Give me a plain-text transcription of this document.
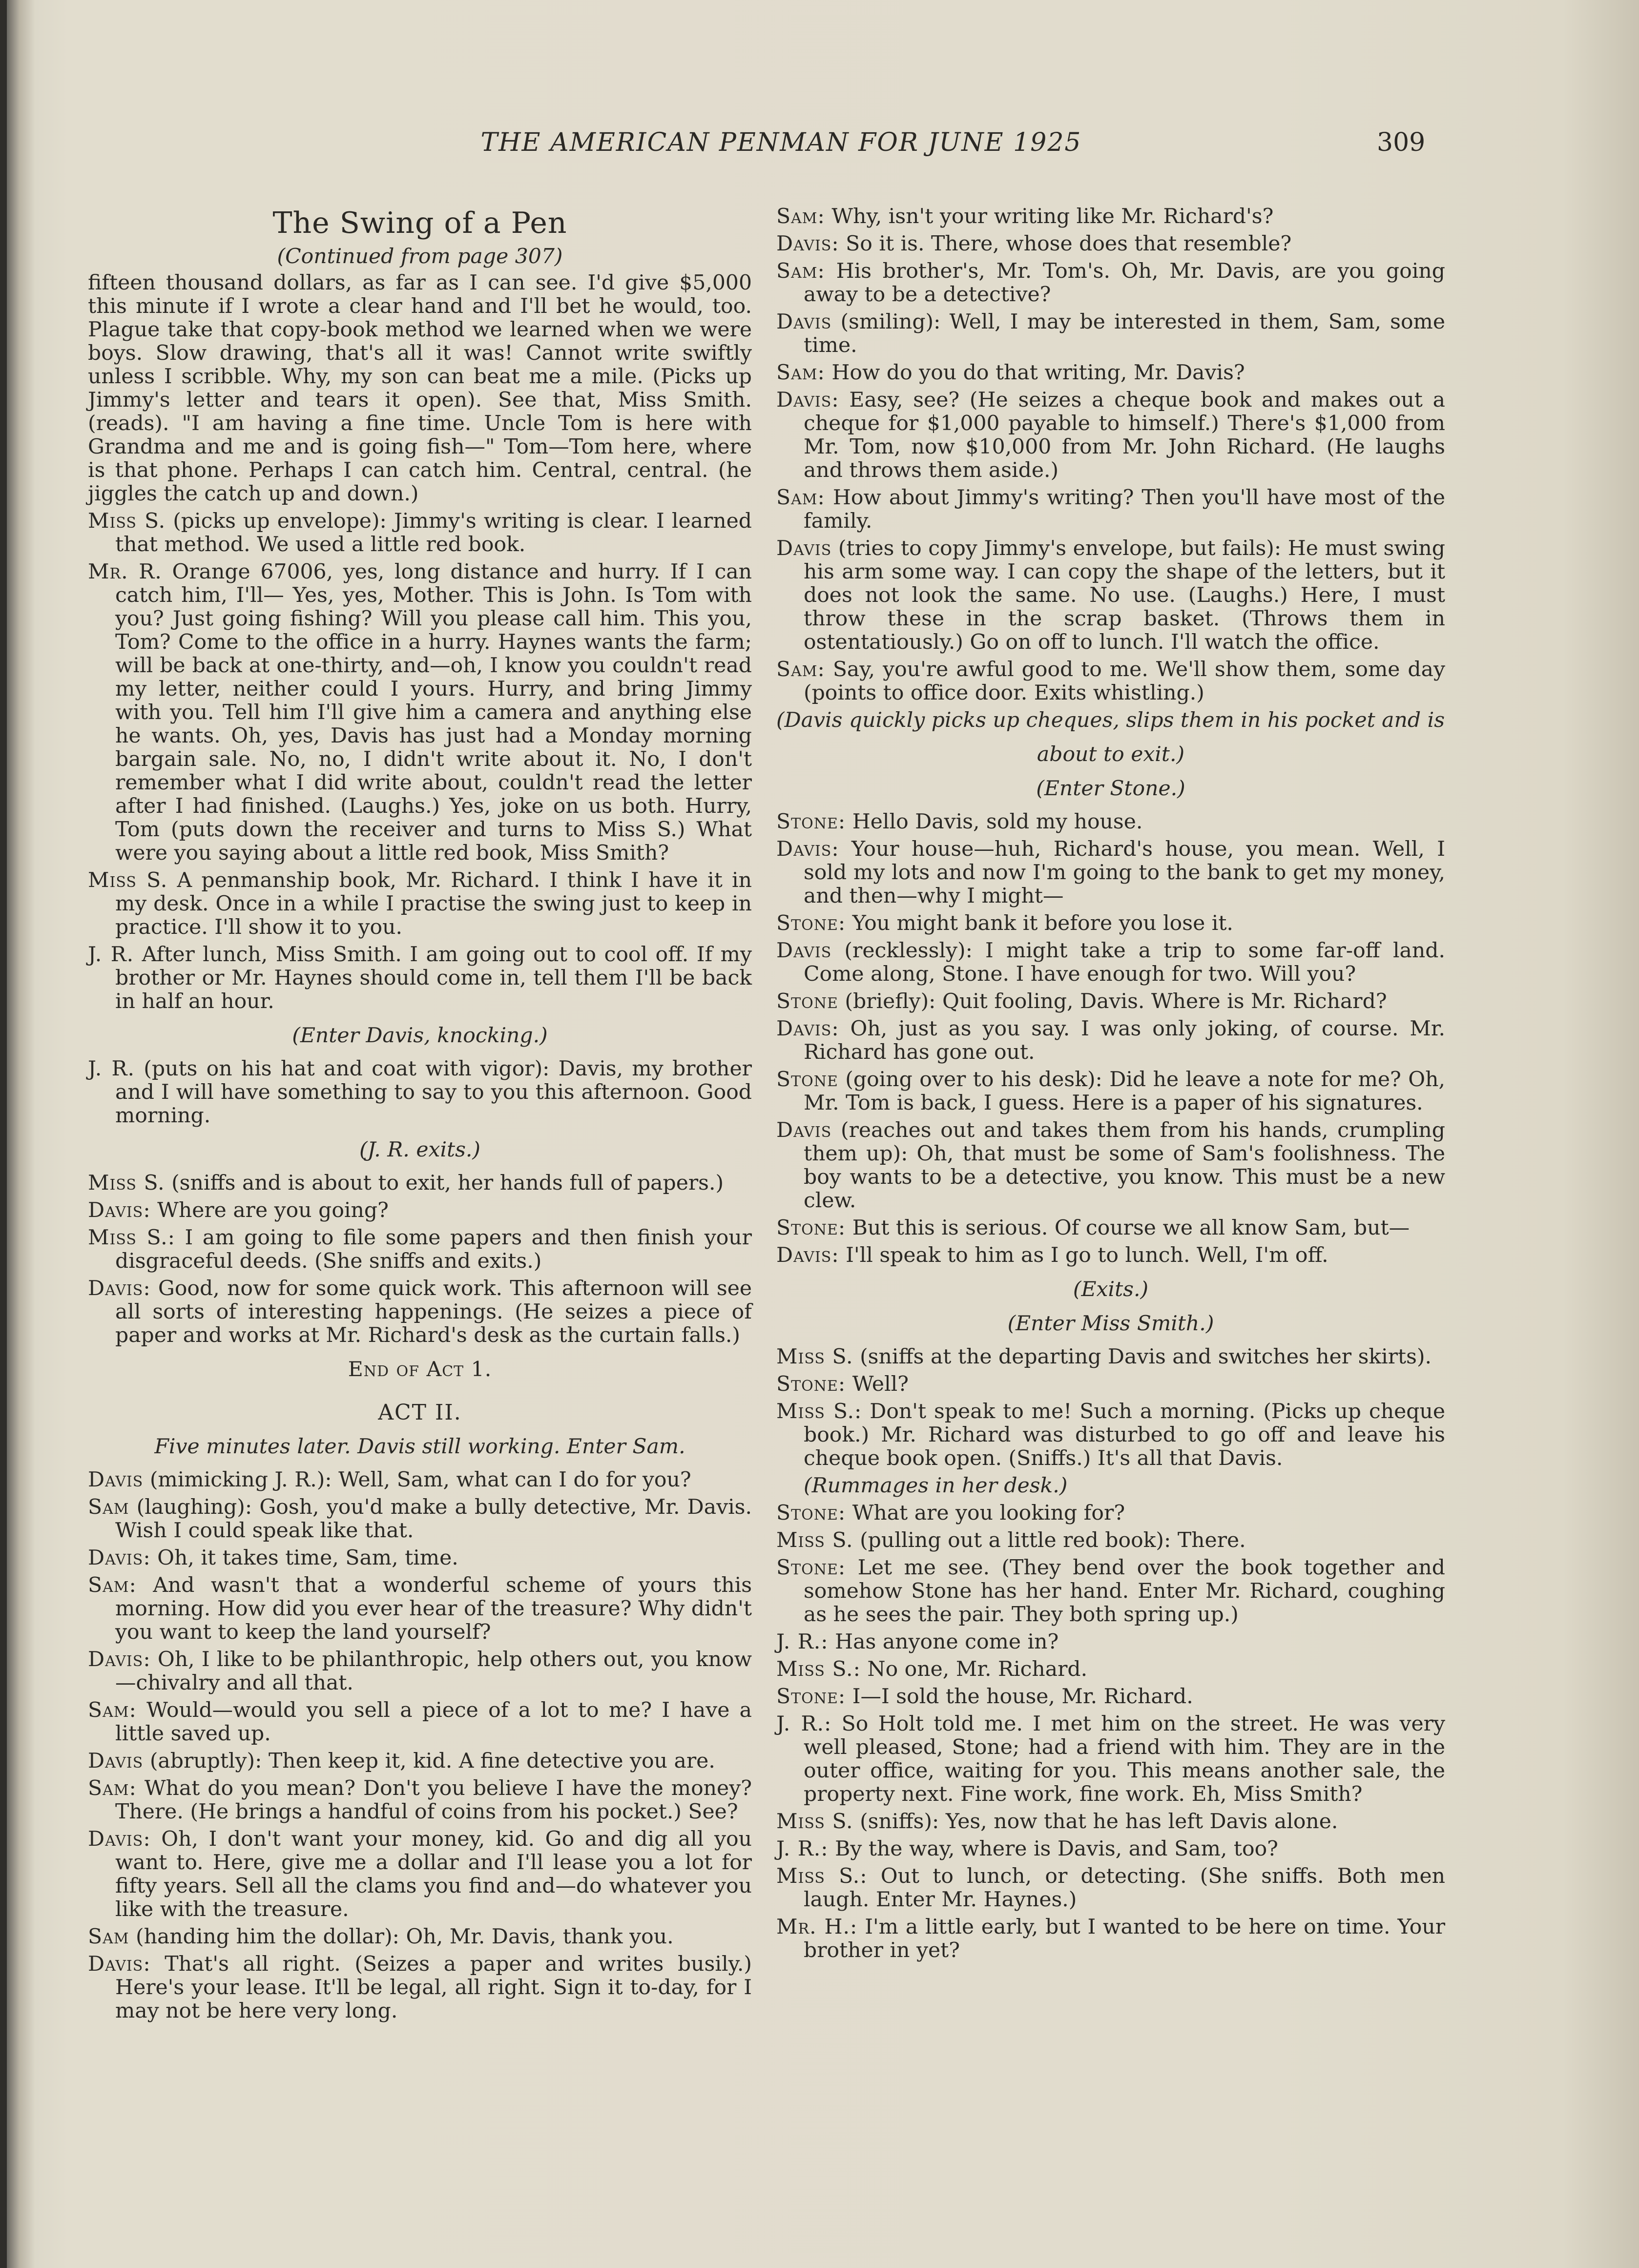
THE AMERICAN PENMAN FOR JUNE 1925	309
The Swing of a Pen
(Continued from page 307)
fifteen thousand dollars, as far as I can see. I'd give $5,000 this minute if I wrote a clear hand and I'll bet he would, too. Plague take that copy-book method we learned when we were boys. Slow drawing, that's all it was! Cannot write swiftly unless I scribble. Why, my son can beat me a mile. (Picks up Jimmy's letter and tears it open). See that, Miss Smith. (reads). "I am having a fine time. Uncle Tom is here with Grandma and me and is going fish—" Tom—Tom here, where is that phone. Perhaps I can catch him. Central, central. (he jiggles the catch up and down.)
Miss S. (picks up envelope): Jimmy's writing is clear. I learned that method. We used a little red book.
Mr. R. Orange 67006, yes, long distance and hurry. If I can catch him, I'll— Yes, yes, Mother. This is John. Is Tom with you? Just going fishing? Will you please call him. This you, Tom? Come to the office in a hurry. Haynes wants the farm; will be back at one-thirty, and—oh, I know you couldn't read my letter, neither could I yours. Hurry, and bring Jimmy with you. Tell him I'll give him a camera and anything else he wants. Oh, yes, Davis has just had a Monday morning bargain sale. No, no, I didn't write about it. No, I don't remember what I did write about, couldn't read the letter after I had finished. (Laughs.) Yes, joke on us both. Hurry, Tom (puts down the receiver and turns to Miss S.) What were you saying about a little red book, Miss Smith?
Miss S. A penmanship book, Mr. Richard. I think I have it in my desk. Once in a while I practise the swing just to keep in practice. I'll show it to you.
J. R. After lunch, Miss Smith. I am going out to cool off. If my brother or Mr. Haynes should come in, tell them I'll be back in half an hour.
(Enter Davis, knocking.)
J. R. (puts on his hat and coat with vigor): Davis, my brother and I will have something to say to you this afternoon. Good morning.
(J. R. exits.)
Miss S. (sniffs and is about to exit, her hands full of papers.)
Davis: Where are you going?
Miss S.: I am going to file some papers and then finish your disgraceful deeds. (She sniffs and exits.)
Davis: Good, now for some quick work. This afternoon will see all sorts of interesting happenings. (He seizes a piece of paper and works at Mr. Richard's desk as the curtain falls.)
End of Act 1.
ACT II.
Five minutes later. Davis still working. Enter Sam.
Davis (mimicking J. R.): Well, Sam, what can I do for you?
Sam (laughing): Gosh, you'd make a bully detective, Mr. Davis. Wish I could speak like that.
Davis: Oh, it takes time, Sam, time.
Sam: And wasn't that a wonderful scheme of yours this morning. How did you ever hear of the treasure? Why didn't you want to keep the land yourself?
Davis: Oh, I like to be philanthropic, help others out, you know—chivalry and all that.
Sam: Would—would you sell a piece of a lot to me? I have a little saved up.
Davis (abruptly): Then keep it, kid. A fine detective you are.
Sam: What do you mean? Don't you believe I have the money? There. (He brings a handful of coins from his pocket.) See?
Davis: Oh, I don't want your money, kid. Go and dig all you want to. Here, give me a dollar and I'll lease you a lot for fifty years. Sell all the clams you find and—do whatever you like with the treasure.
Sam (handing him the dollar): Oh, Mr. Davis, thank you.
Davis: That's all right. (Seizes a paper and writes busily.) Here's your lease. It'll be legal, all right. Sign it to-day, for I may not be here very long.
Sam: Why, isn't your writing like Mr. Richard's?
Davis: So it is. There, whose does that resemble?
Sam: His brother's, Mr. Tom's. Oh, Mr. Davis, are you going away to be a detective?
Davis (smiling): Well, I may be interested in them, Sam, some time.
Sam: How do you do that writing, Mr. Davis?
Davis: Easy, see? (He seizes a cheque book and makes out a cheque for $1,000 payable to himself.) There's $1,000 from Mr. Tom, now $10,000 from Mr. John Richard. (He laughs and throws them aside.)
Sam: How about Jimmy's writing? Then you'll have most of the family.
Davis (tries to copy Jimmy's envelope, but fails): He must swing his arm some way. I can copy the shape of the letters, but it does not look the same. No use. (Laughs.) Here, I must throw these in the scrap basket. (Throws them in ostentatiously.) Go on off to lunch. I'll watch the office.
Sam: Say, you're awful good to me. We'll show them, some day (points to office door. Exits whistling.)
(Davis quickly picks up cheques, slips them in his pocket and is
about to exit.)
(Enter Stone.)
Stone: Hello Davis, sold my house.
Davis: Your house—huh, Richard's house, you mean. Well, I sold my lots and now I'm going to the bank to get my money, and then—why I might—
Stone: You might bank it before you lose it.
Davis (recklessly): I might take a trip to some far-off land. Come along, Stone. I have enough for two. Will you?
Stone (briefly): Quit fooling, Davis. Where is Mr. Richard?
Davis: Oh, just as you say. I was only joking, of course. Mr. Richard has gone out.
Stone (going over to his desk): Did he leave a note for me? Oh, Mr. Tom is back, I guess. Here is a paper of his signatures.
Davis (reaches out and takes them from his hands, crumpling them up): Oh, that must be some of Sam's foolishness. The boy wants to be a detective, you know. This must be a new clew.
Stone: But this is serious. Of course we all know Sam, but—
Davis: I'll speak to him as I go to lunch. Well, I'm off.
(Exits.)
(Enter Miss Smith.)
Miss S. (sniffs at the departing Davis and switches her skirts).
Stone: Well?
Miss S.: Don't speak to me! Such a morning. (Picks up cheque book.) Mr. Richard was disturbed to go off and leave his cheque book open. (Sniffs.) It's all that Davis.
(Rummages in her desk.)
Stone: What are you looking for?
Miss S. (pulling out a little red book): There.
Stone: Let me see. (They bend over the book together and somehow Stone has her hand. Enter Mr. Richard, coughing as he sees the pair. They both spring up.)
J. R.: Has anyone come in?
Miss S.: No one, Mr. Richard.
Stone: I—I sold the house, Mr. Richard.
J. R.: So Holt told me. I met him on the street. He was very well pleased, Stone; had a friend with him. They are in the outer office, waiting for you. This means another sale, the property next. Fine work, fine work. Eh, Miss Smith?
Miss S. (sniffs): Yes, now that he has left Davis alone.
J. R.: By the way, where is Davis, and Sam, too?
Miss S.: Out to lunch, or detecting. (She sniffs. Both men laugh. Enter Mr. Haynes.)
Mr. H.: I'm a little early, but I wanted to be here on time. Your brother in yet?
